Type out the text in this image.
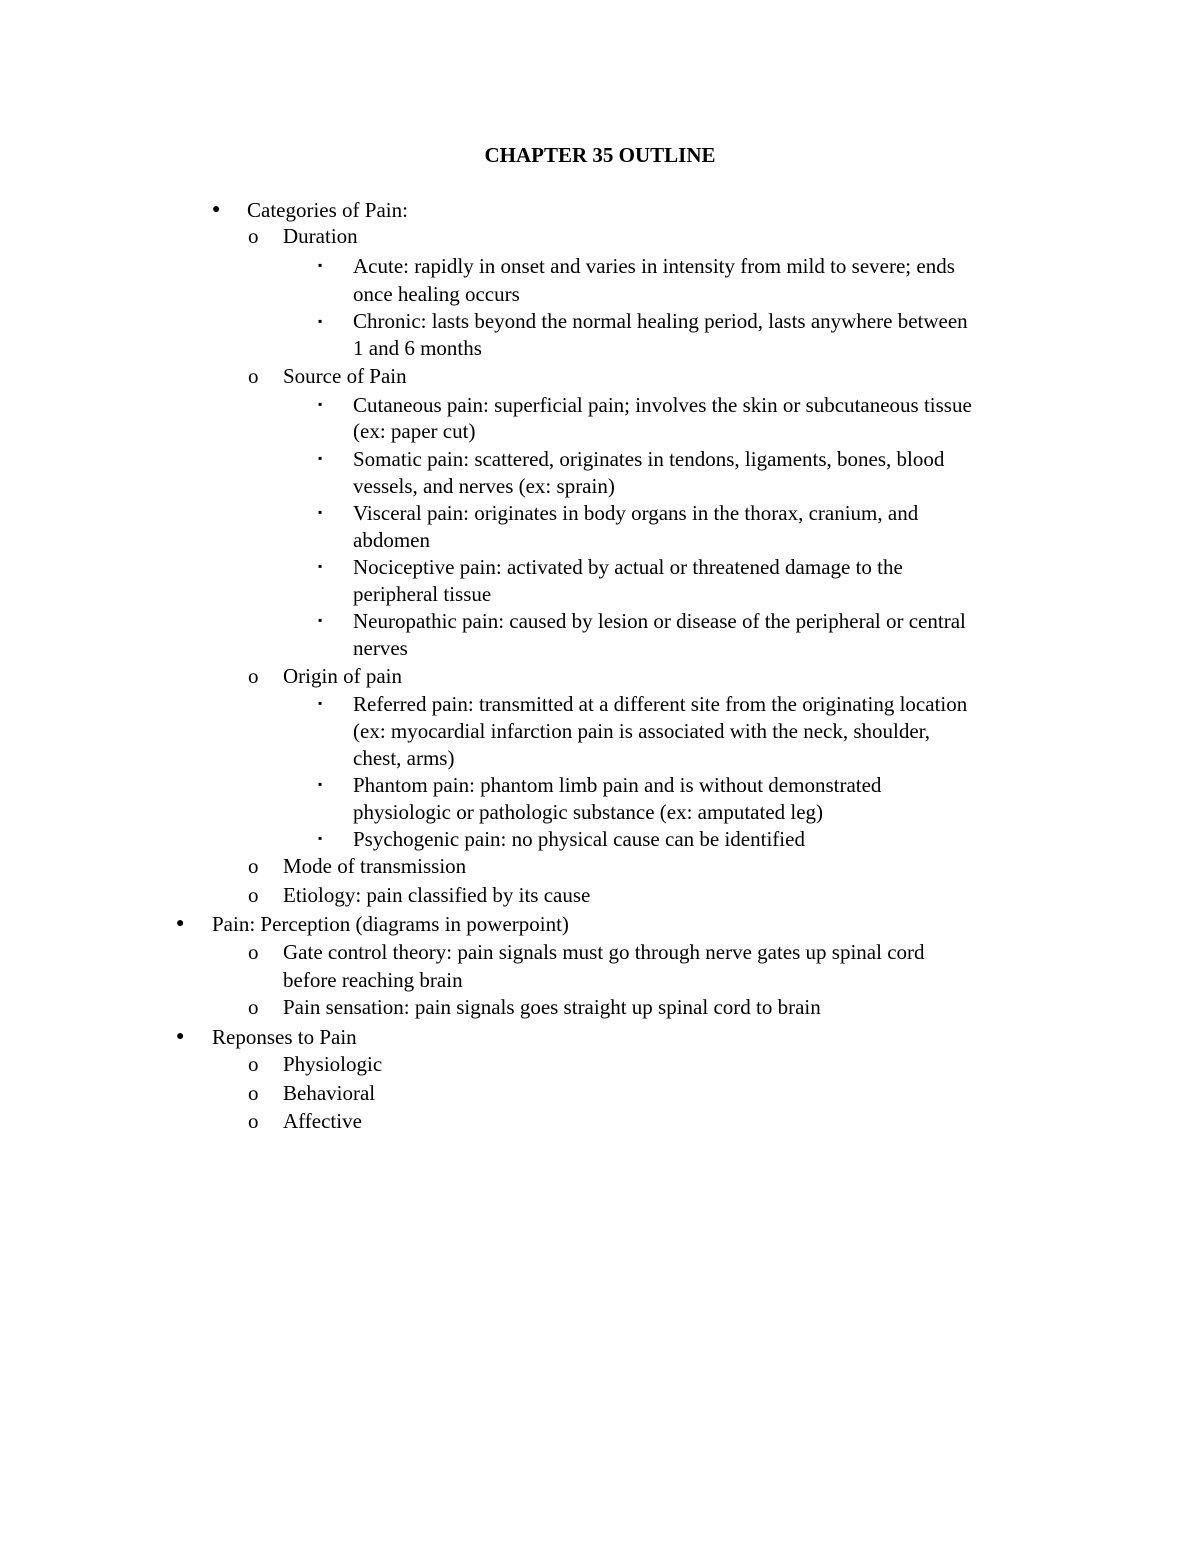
CHAPTER 35 OUTLINE
● Categories of Pain:
o Duration
▪ Acute: rapidly in onset and varies in intensity from mild to severe; ends
once healing occurs
▪ Chronic: lasts beyond the normal healing period, lasts anywhere between
1 and 6 months
o Source of Pain
▪ Cutaneous pain: superficial pain; involves the skin or subcutaneous tissue
(ex: paper cut)
▪ Somatic pain: scattered, originates in tendons, ligaments, bones, blood
vessels, and nerves (ex: sprain)
▪ Visceral pain: originates in body organs in the thorax, cranium, and
abdomen
▪ Nociceptive pain: activated by actual or threatened damage to the
peripheral tissue
▪ Neuropathic pain: caused by lesion or disease of the peripheral or central
nerves
o Origin of pain
▪ Referred pain: transmitted at a different site from the originating location
(ex: myocardial infarction pain is associated with the neck, shoulder,
chest, arms)
▪ Phantom pain: phantom limb pain and is without demonstrated
physiologic or pathologic substance (ex: amputated leg)
▪ Psychogenic pain: no physical cause can be identified
o Mode of transmission
o Etiology: pain classified by its cause
● Pain: Perception (diagrams in powerpoint)
o Gate control theory: pain signals must go through nerve gates up spinal cord
before reaching brain
o Pain sensation: pain signals goes straight up spinal cord to brain
● Reponses to Pain
o Physiologic
o Behavioral
o Affective
